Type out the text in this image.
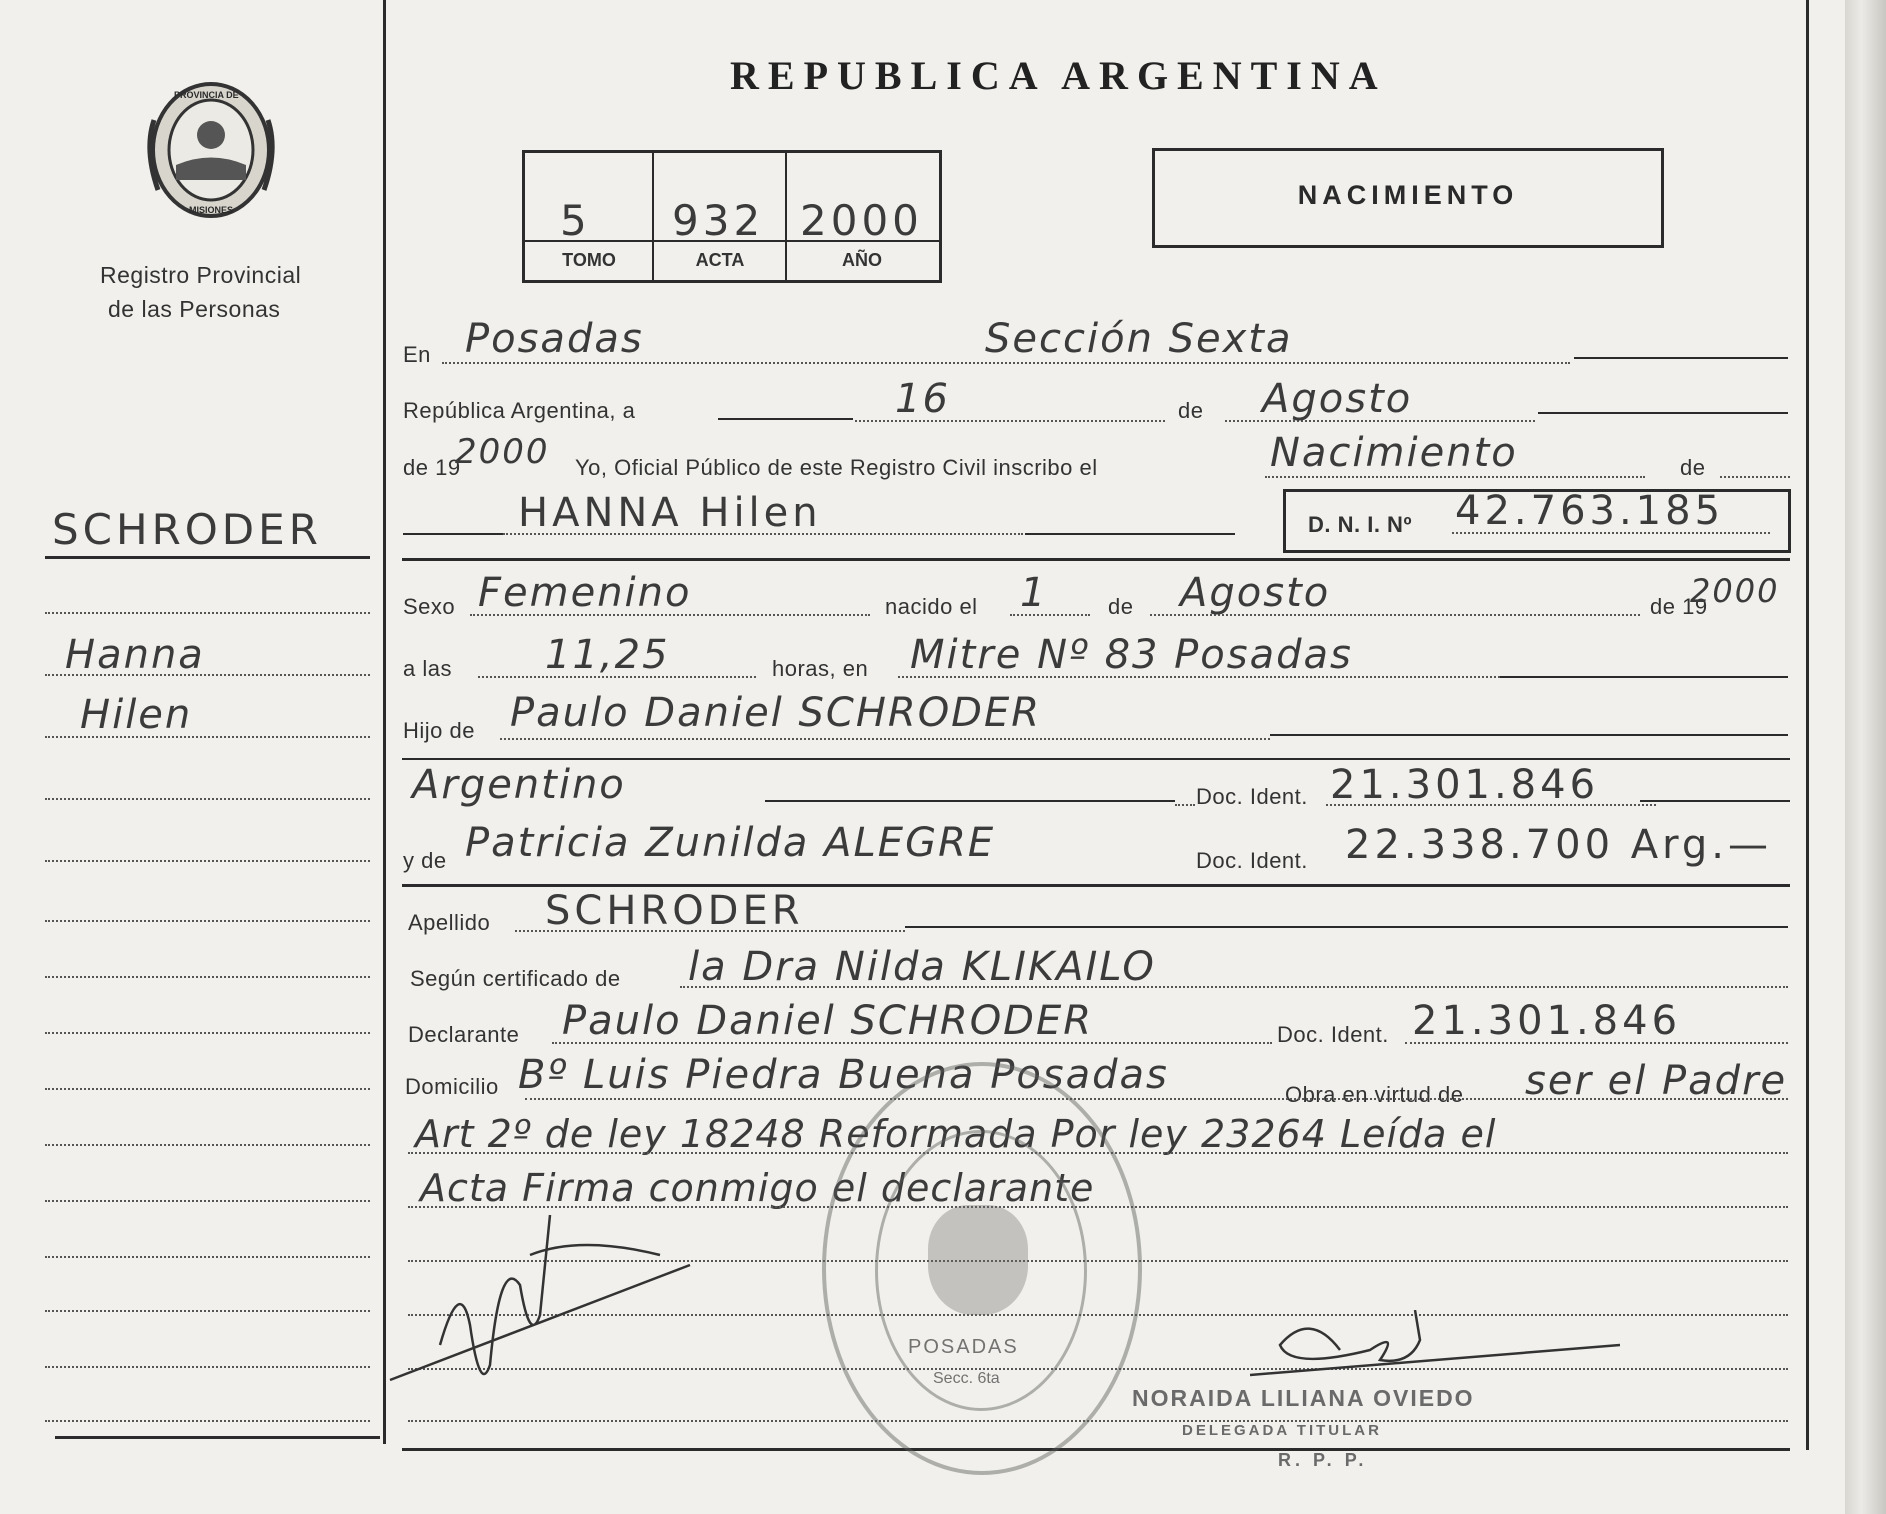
PROVINCIA DE
MISIONES
Registro Provincial
de las Personas
SCHRODER
Hanna
Hilen
REPUBLICA ARGENTINA
5 932 2000
TOMO	ACTA	AÑO
NACIMIENTO
En Posadas	Sección Sexta
República Argentina, a	16	de Agosto
de 19
2000 Yo, Oficial Público de este Registro Civil inscribo el	Nacimiento	de
HANNA Hilen	D. N. I. Nº 42.763.185
Sexo Femenino	nacido el 1	de Agosto	de 19
2000
a las 11,25	horas, en Mitre Nº 83 Posadas
Hijo de Paulo Daniel SCHRODER
Argentino	Doc. Ident. 21.301.846
y de Patricia Zunilda ALEGRE	Doc. Ident. 22.338.700 Arg.—
Apellido SCHRODER
Según certificado de la Dra Nilda KLIKAILO
Declarante Paulo Daniel SCHRODER	Doc. Ident. 21.301.846
Domicilio Bº Luis Piedra Buena Posadas	Obra en virtud de ser el Padre
Art 2º de ley 18248 Reformada Por ley 23264 Leída el
Acta Firma conmigo el declarante
POSADAS
Secc. 6ta
NORAIDA LILIANA OVIEDO
DELEGADA TITULAR
R. P. P.
